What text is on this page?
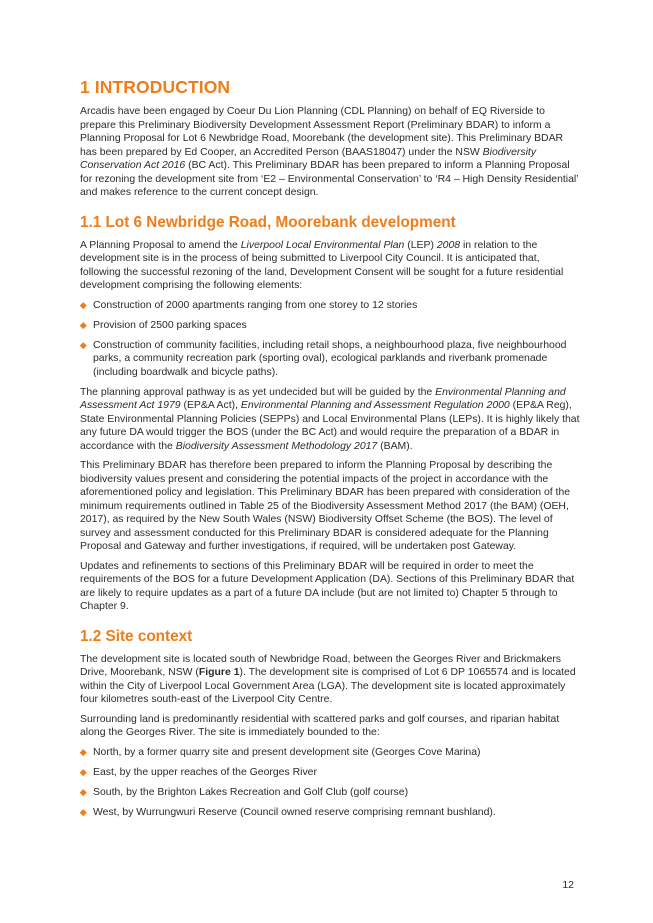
1 INTRODUCTION

Arcadis have been engaged by Coeur Du Lion Planning (CDL Planning) on behalf of EQ Riverside to prepare this Preliminary Biodiversity Development Assessment Report (Preliminary BDAR) to inform a Planning Proposal for Lot 6 Newbridge Road, Moorebank (the development site). This Preliminary BDAR has been prepared by Ed Cooper, an Accredited Person (BAAS18047) under the NSW Biodiversity Conservation Act 2016 (BC Act). This Preliminary BDAR has been prepared to inform a Planning Proposal for rezoning the development site from ‘E2 – Environmental Conservation’ to ‘R4 – High Density Residential’ and makes reference to the current concept design.

1.1 Lot 6 Newbridge Road, Moorebank development

A Planning Proposal to amend the Liverpool Local Environmental Plan (LEP) 2008 in relation to the development site is in the process of being submitted to Liverpool City Council. It is anticipated that, following the successful rezoning of the land, Development Consent will be sought for a future residential development comprising the following elements:

Construction of 2000 apartments ranging from one storey to 12 stories
Provision of 2500 parking spaces
Construction of community facilities, including retail shops, a neighbourhood plaza, five neighbourhood parks, a community recreation park (sporting oval), ecological parklands and riverbank promenade (including boardwalk and bicycle paths).

The planning approval pathway is as yet undecided but will be guided by the Environmental Planning and Assessment Act 1979 (EP&A Act), Environmental Planning and Assessment Regulation 2000 (EP&A Reg), State Environmental Planning Policies (SEPPs) and Local Environmental Plans (LEPs). It is highly likely that any future DA would trigger the BOS (under the BC Act) and would require the preparation of a BDAR in accordance with the Biodiversity Assessment Methodology 2017 (BAM).

This Preliminary BDAR has therefore been prepared to inform the Planning Proposal by describing the biodiversity values present and considering the potential impacts of the project in accordance with the aforementioned policy and legislation. This Preliminary BDAR has been prepared with consideration of the minimum requirements outlined in Table 25 of the Biodiversity Assessment Method 2017 (the BAM) (OEH, 2017), as required by the New South Wales (NSW) Biodiversity Offset Scheme (the BOS). The level of survey and assessment conducted for this Preliminary BDAR is considered adequate for the Planning Proposal and Gateway and further investigations, if required, will be undertaken post Gateway.

Updates and refinements to sections of this Preliminary BDAR will be required in order to meet the requirements of the BOS for a future Development Application (DA). Sections of this Preliminary BDAR that are likely to require updates as a part of a future DA include (but are not limited to) Chapter 5 through to Chapter 9.

1.2 Site context

The development site is located south of Newbridge Road, between the Georges River and Brickmakers Drive, Moorebank, NSW (Figure 1). The development site is comprised of Lot 6 DP 1065574 and is located within the City of Liverpool Local Government Area (LGA). The development site is located approximately four kilometres south-east of the Liverpool City Centre.

Surrounding land is predominantly residential with scattered parks and golf courses, and riparian habitat along the Georges River. The site is immediately bounded to the:

North, by a former quarry site and present development site (Georges Cove Marina)
East, by the upper reaches of the Georges River
South, by the Brighton Lakes Recreation and Golf Club (golf course)
West, by Wurrungwuri Reserve (Council owned reserve comprising remnant bushland).
12
